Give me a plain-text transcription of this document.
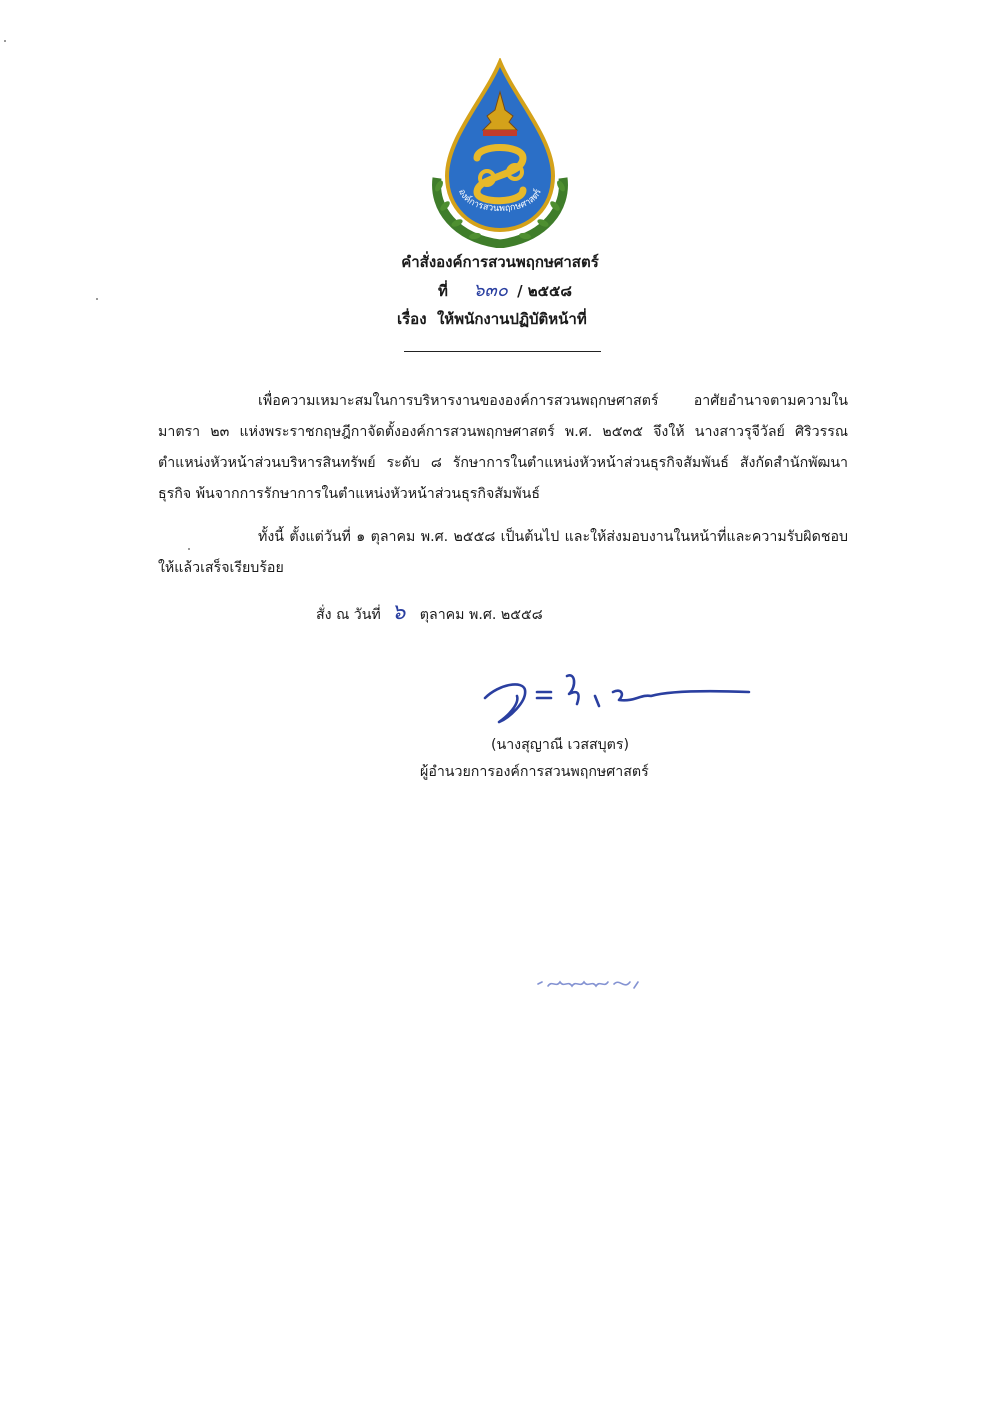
องค์การสวนพฤกษศาสตร์
คำสั่งองค์การสวนพฤกษศาสตร์
ที่ ๖๓๐ / ๒๕๕๘
เรื่อง ให้พนักงานปฏิบัติหน้าที่

เพื่อความเหมาะสมในการบริหารงานขององค์การสวนพฤกษศาสตร์ อาศัยอำนาจตามความในมาตรา ๒๓ แห่งพระราชกฤษฎีกาจัดตั้งองค์การสวนพฤกษศาสตร์ พ.ศ. ๒๕๓๕ จึงให้ นางสาวรุจีวัลย์ ศิริวรรณ ตำแหน่งหัวหน้าส่วนบริหารสินทรัพย์ ระดับ ๘ รักษาการในตำแหน่งหัวหน้าส่วนธุรกิจสัมพันธ์ สังกัดสำนักพัฒนาธุรกิจ พ้นจากการรักษาการในตำแหน่งหัวหน้าส่วนธุรกิจสัมพันธ์

ทั้งนี้ ตั้งแต่วันที่ ๑ ตุลาคม พ.ศ. ๒๕๕๘ เป็นต้นไป และให้ส่งมอบงานในหน้าที่และความรับผิดชอบให้แล้วเสร็จเรียบร้อย

สั่ง ณ วันที่ ๖ ตุลาคม พ.ศ. ๒๕๕๘
(นางสุญาณี เวสสบุตร)
ผู้อำนวยการองค์การสวนพฤกษศาสตร์
